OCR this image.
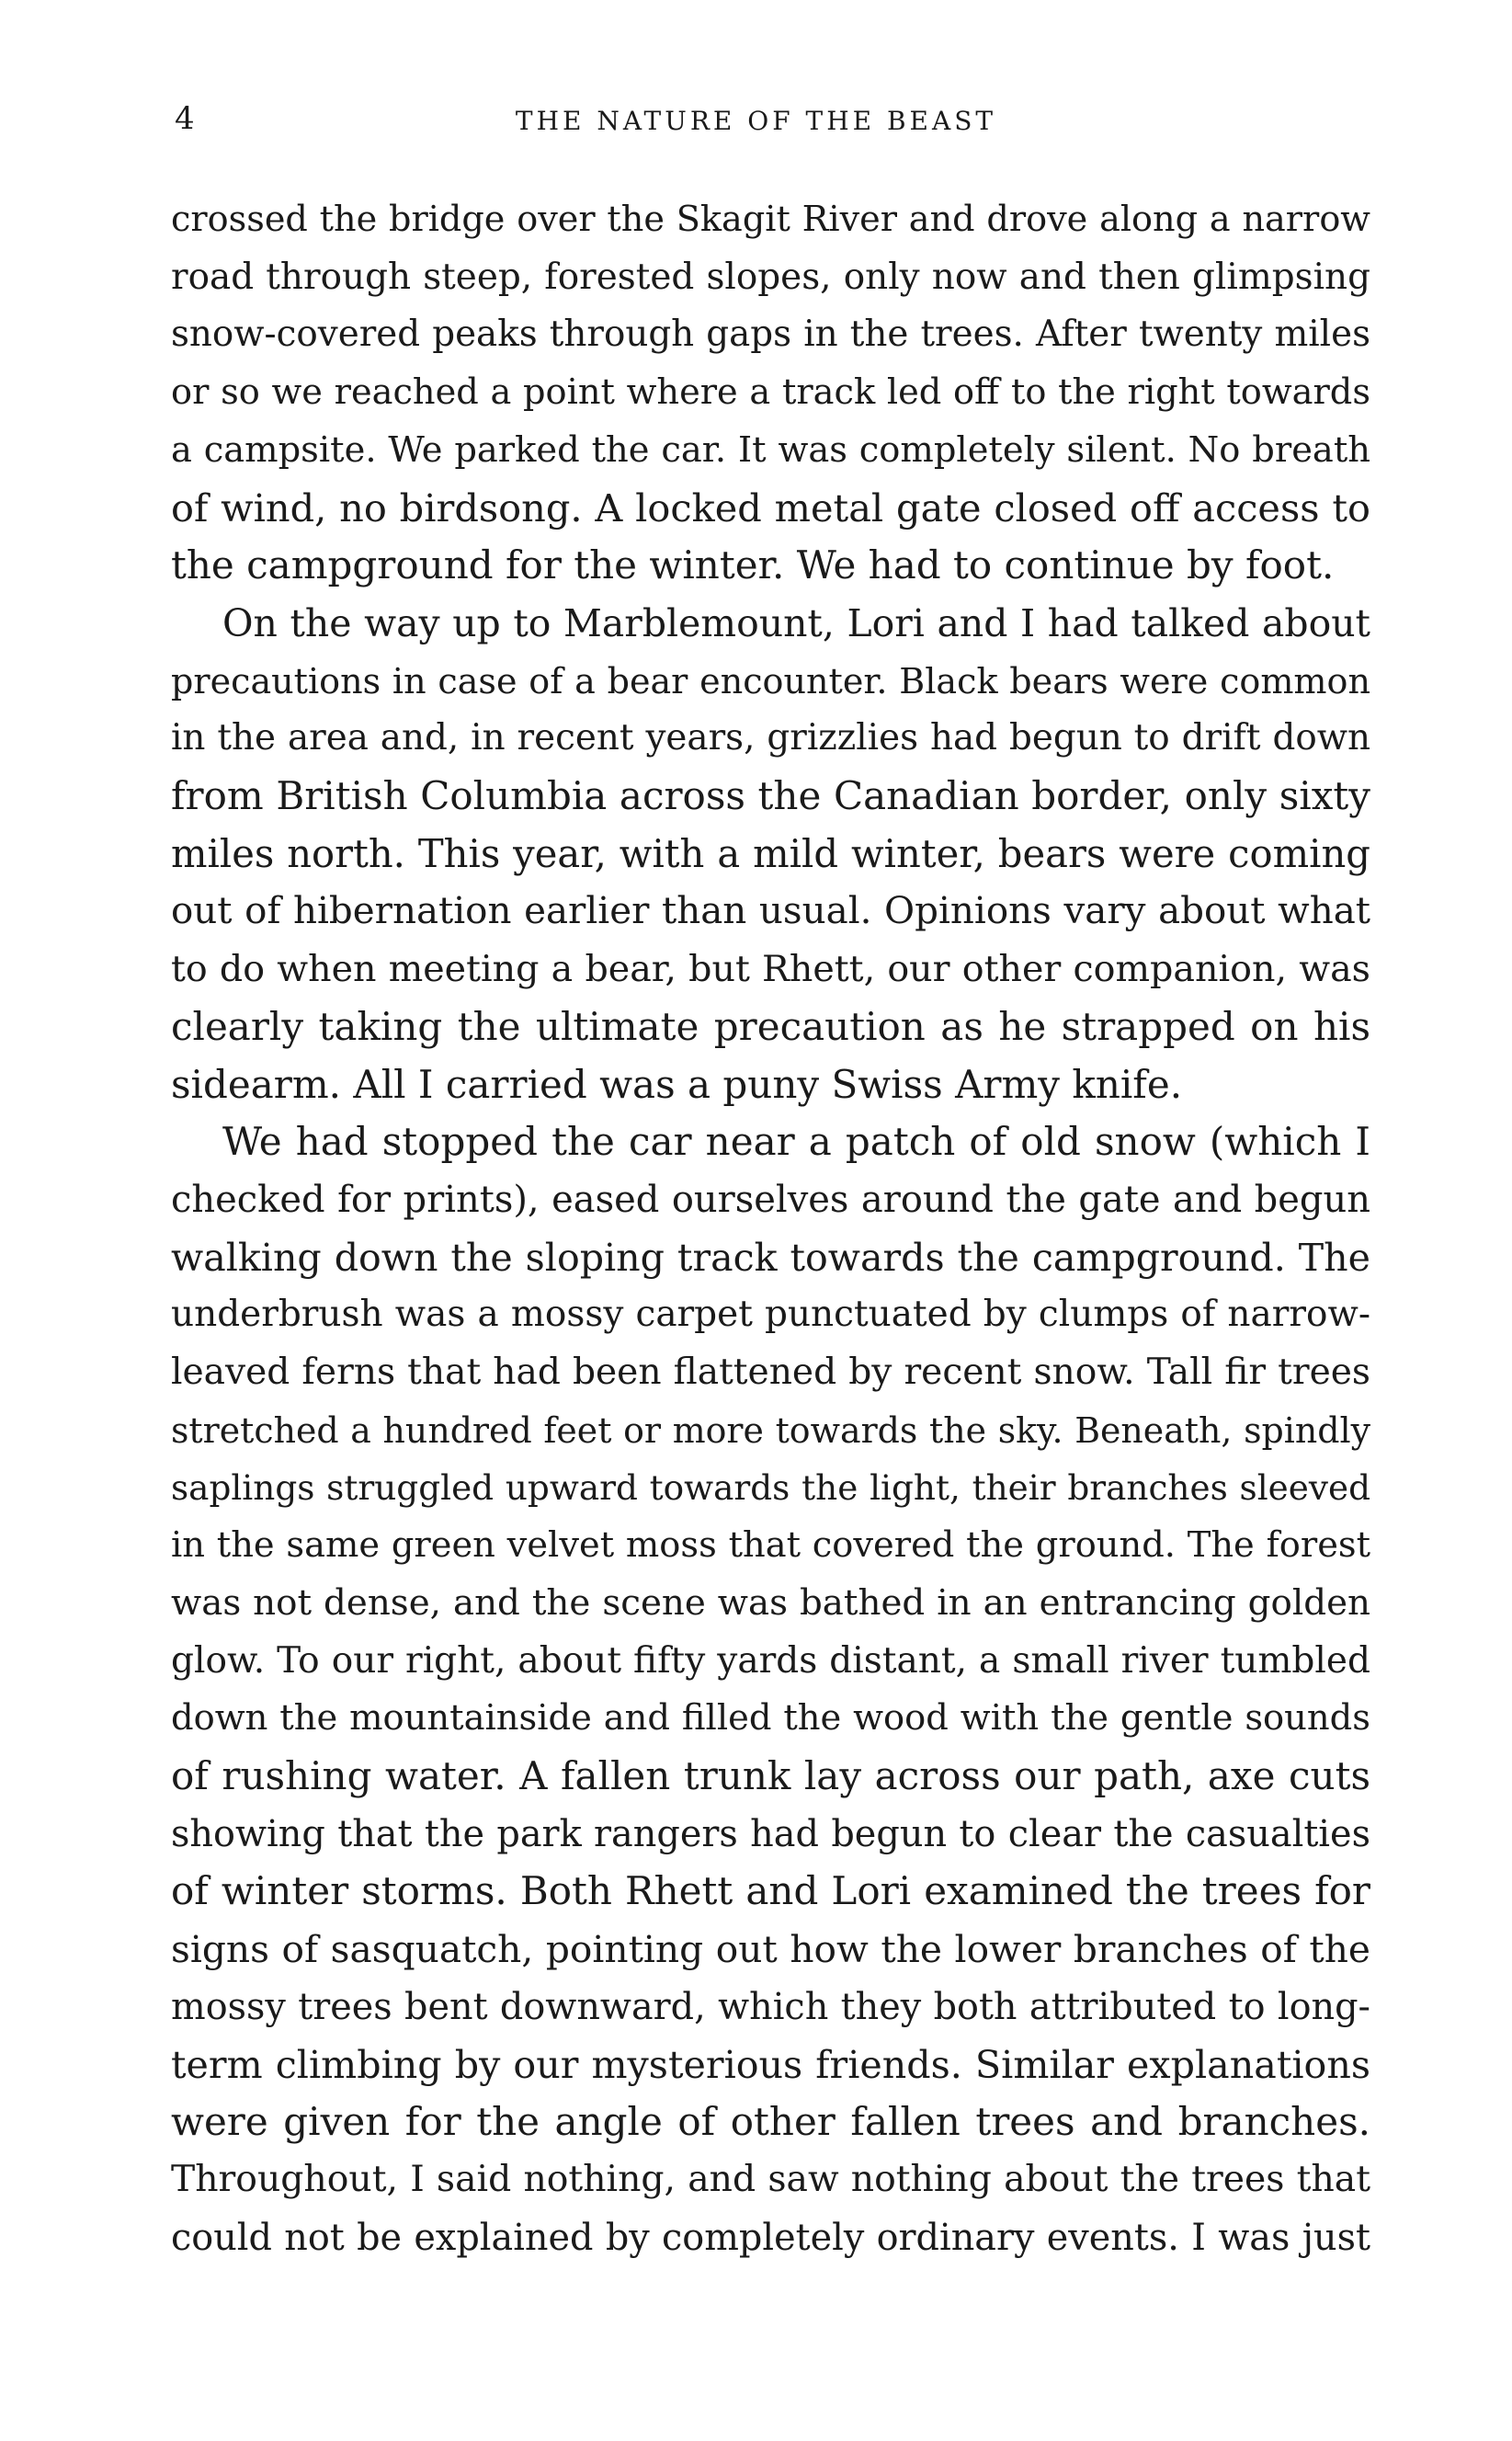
4	THE NATURE OF THE BEAST
crossed the bridge over the Skagit River and drove along a narrow
road through steep, forested slopes, only now and then glimpsing
snow-covered peaks through gaps in the trees. After twenty miles
or so we reached a point where a track led off to the right towards
a campsite. We parked the car. It was completely silent. No breath
of wind, no birdsong. A locked metal gate closed off access to
the campground for the winter. We had to continue by foot.
On the way up to Marblemount, Lori and I had talked about
precautions in case of a bear encounter. Black bears were common
in the area and, in recent years, grizzlies had begun to drift down
from British Columbia across the Canadian border, only sixty
miles north. This year, with a mild winter, bears were coming
out of hibernation earlier than usual. Opinions vary about what
to do when meeting a bear, but Rhett, our other companion, was
clearly taking the ultimate precaution as he strapped on his
sidearm. All I carried was a puny Swiss Army knife.
We had stopped the car near a patch of old snow (which I
checked for prints), eased ourselves around the gate and begun
walking down the sloping track towards the campground. The
underbrush was a mossy carpet punctuated by clumps of narrow-
leaved ferns that had been flattened by recent snow. Tall fir trees
stretched a hundred feet or more towards the sky. Beneath, spindly
saplings struggled upward towards the light, their branches sleeved
in the same green velvet moss that covered the ground. The forest
was not dense, and the scene was bathed in an entrancing golden
glow. To our right, about fifty yards distant, a small river tumbled
down the mountainside and filled the wood with the gentle sounds
of rushing water. A fallen trunk lay across our path, axe cuts
showing that the park rangers had begun to clear the casualties
of winter storms. Both Rhett and Lori examined the trees for
signs of sasquatch, pointing out how the lower branches of the
mossy trees bent downward, which they both attributed to long-
term climbing by our mysterious friends. Similar explanations
were given for the angle of other fallen trees and branches.
Throughout, I said nothing, and saw nothing about the trees that
could not be explained by completely ordinary events. I was just
